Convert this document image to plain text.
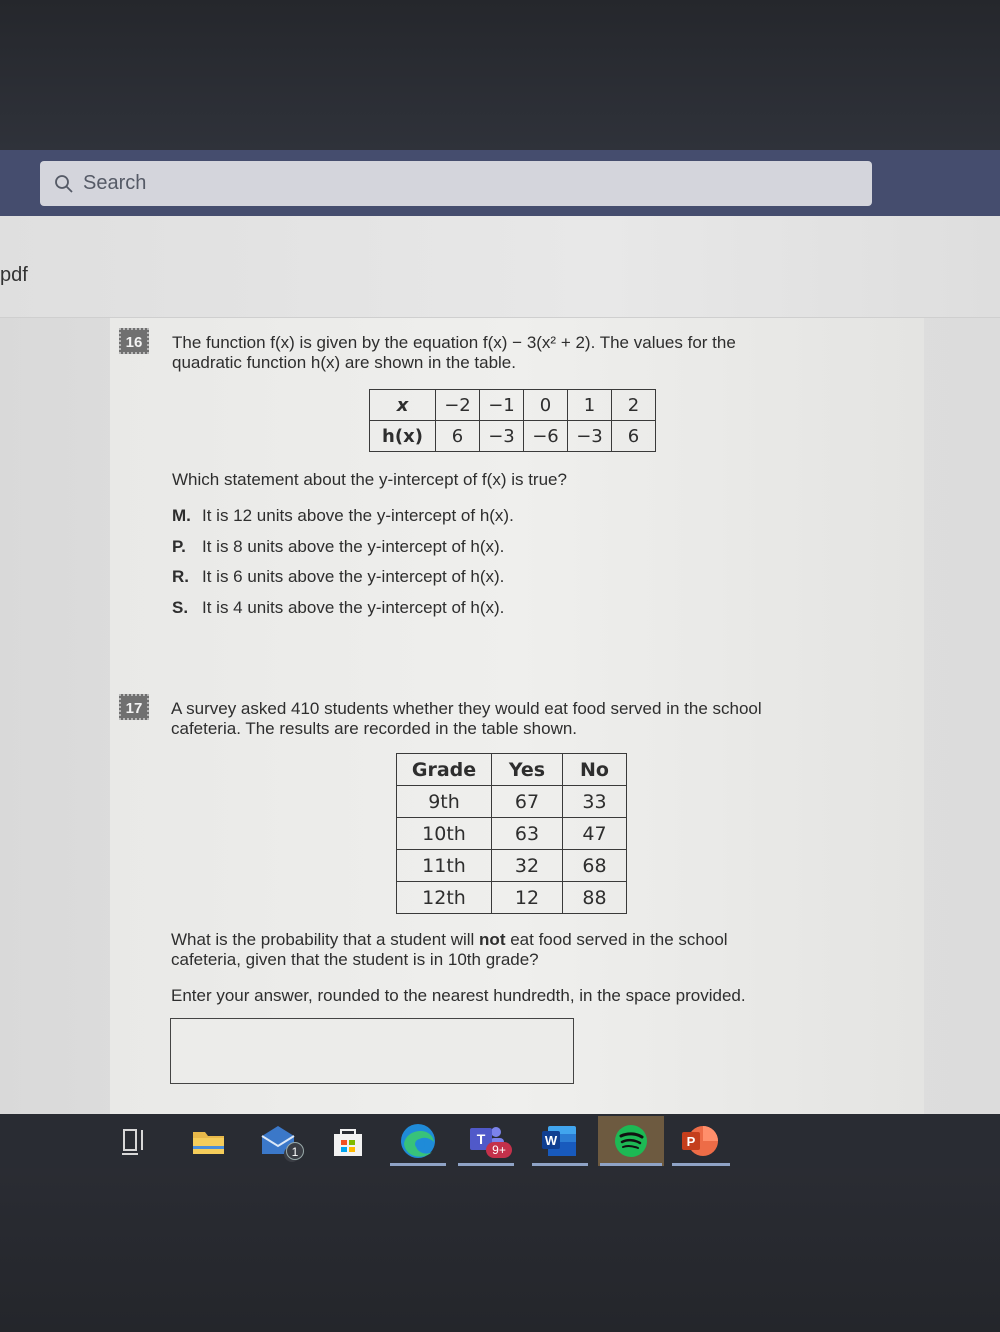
Search
pdf
16	The function f(x) is given by the equation f(x) − 3(x² + 2). The values for the
quadratic function h(x) are shown in the table.
x	−2	−1	0	1	2
h(x)	6	−3	−6	−3	6
Which statement about the y-intercept of f(x) is true?
M. It is 12 units above the y-intercept of h(x).
P. It is 8 units above the y-intercept of h(x).
R. It is 6 units above the y-intercept of h(x).
S. It is 4 units above the y-intercept of h(x).
17	A survey asked 410 students whether they would eat food served in the school
cafeteria. The results are recorded in the table shown.
Grade	Yes	No
9th	67	33
10th	63	47
11th	32	68
12th	12	88
What is the probability that a student will not eat food served in the school
cafeteria, given that the student is in 10th grade?
Enter your answer, rounded to the nearest hundredth, in the space provided.
1
T
9+
W	P
